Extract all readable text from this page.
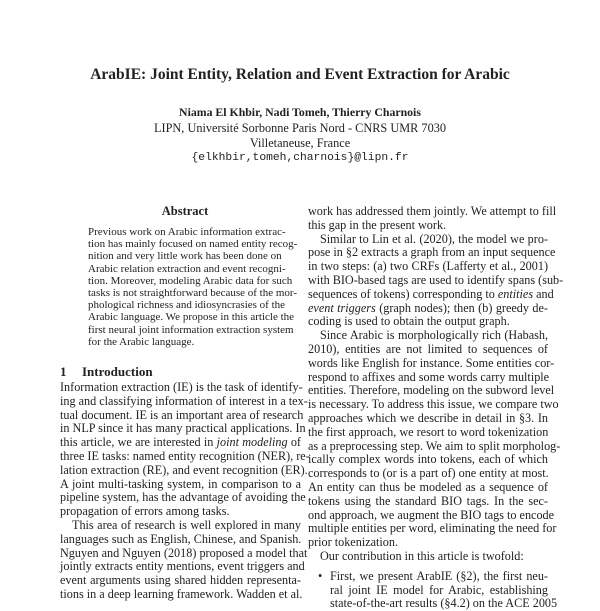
ArabIE: Joint Entity, Relation and Event Extraction for Arabic
Niama El Khbir, Nadi Tomeh, Thierry Charnois
LIPN, Université Sorbonne Paris Nord - CNRS UMR 7030
Villetaneuse, France
{elkhbir,tomeh,charnois}@lipn.fr
Abstract
Previous work on Arabic information extrac-
tion has mainly focused on named entity recog-
nition and very little work has been done on
Arabic relation extraction and event recogni-
tion. Moreover, modeling Arabic data for such
tasks is not straightforward because of the mor-
phological richness and idiosyncrasies of the
Arabic language. We propose in this article the
first neural joint information extraction system
for the Arabic language.
1 Introduction
Information extraction (IE) is the task of identify-
ing and classifying information of interest in a tex-
tual document. IE is an important area of research
in NLP since it has many practical applications. In
this article, we are interested in joint modeling of
three IE tasks: named entity recognition (NER), re-
lation extraction (RE), and event recognition (ER).
A joint multi-tasking system, in comparison to a
pipeline system, has the advantage of avoiding the
propagation of errors among tasks.
This area of research is well explored in many
languages such as English, Chinese, and Spanish.
Nguyen and Nguyen (2018) proposed a model that
jointly extracts entity mentions, event triggers and
event arguments using shared hidden representa-
tions in a deep learning framework. Wadden et al.
work has addressed them jointly. We attempt to fill
this gap in the present work.
Similar to Lin et al. (2020), the model we pro-
pose in §2 extracts a graph from an input sequence
in two steps: (a) two CRFs (Lafferty et al., 2001)
with BIO-based tags are used to identify spans (sub-
sequences of tokens) corresponding to entities and
event triggers (graph nodes); then (b) greedy de-
coding is used to obtain the output graph.
Since Arabic is morphologically rich (Habash,
2010), entities are not limited to sequences of
words like English for instance. Some entities cor-
respond to affixes and some words carry multiple
entities. Therefore, modeling on the subword level
is necessary. To address this issue, we compare two
approaches which we describe in detail in §3. In
the first approach, we resort to word tokenization
as a preprocessing step. We aim to split morpholog-
ically complex words into tokens, each of which
corresponds to (or is a part of) one entity at most.
An entity can thus be modeled as a sequence of
tokens using the standard BIO tags. In the sec-
ond approach, we augment the BIO tags to encode
multiple entities per word, eliminating the need for
prior tokenization.
Our contribution in this article is twofold:
First, we present ArabIE (§2), the first neu-
•
ral joint IE model for Arabic, establishing
state-of-the-art results (§4.2) on the ACE 2005
